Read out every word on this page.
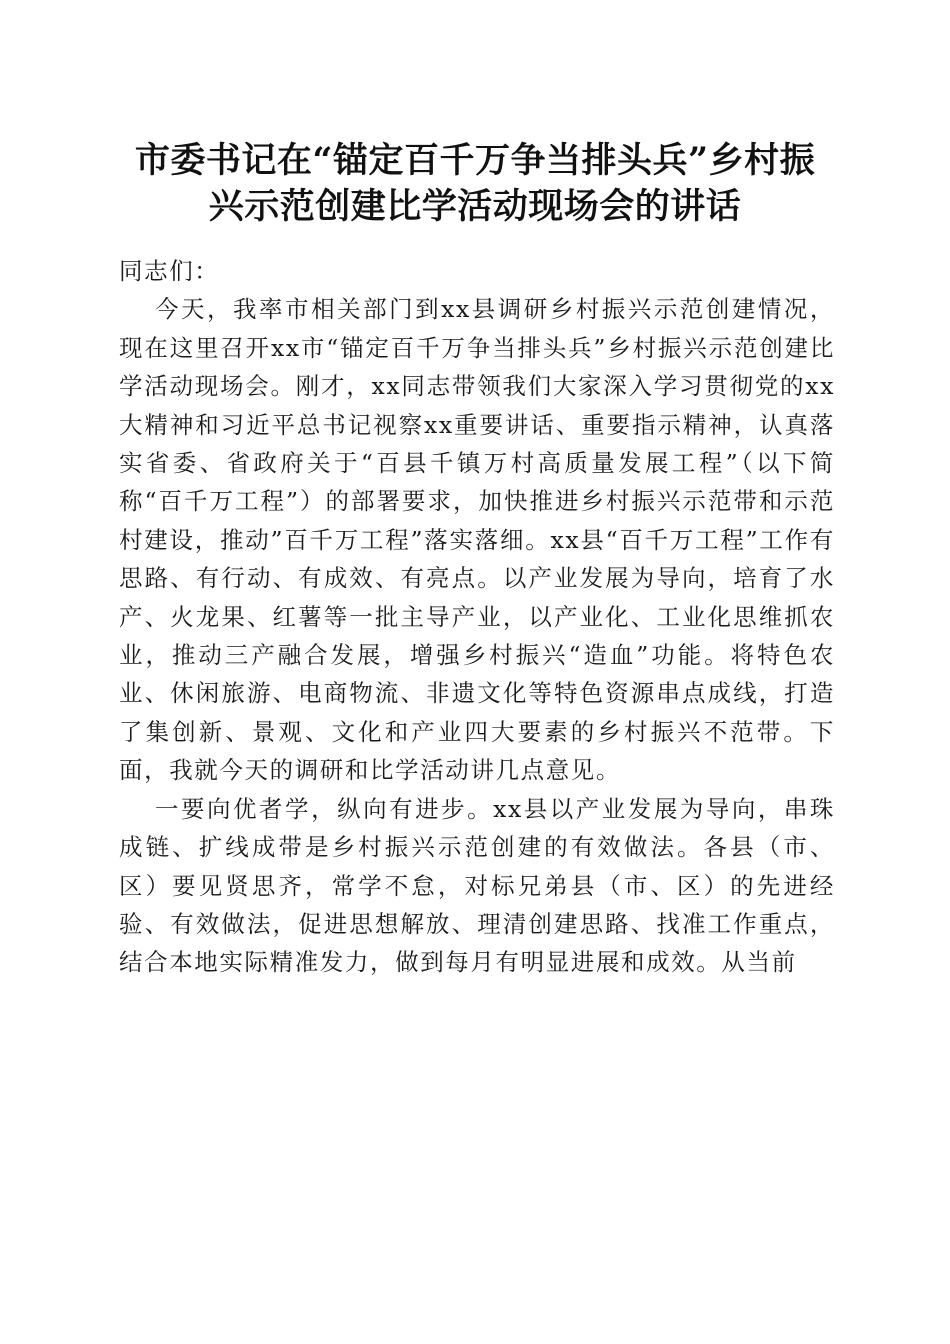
市委书记在“锚定百千万争当排头兵”乡村振
兴示范创建比学活动现场会的讲话

同志们：

今天，我率市相关部门到xx县调研乡村振兴示范创建情况，现在这里召开xx市“锚定百千万争当排头兵”乡村振兴示范创建比学活动现场会。刚才，xx同志带领我们大家深入学习贯彻党的xx大精神和习近平总书记视察xx重要讲话、重要指示精神，认真落实省委、省政府关于“百县千镇万村高质量发展工程”（以下简称“百千万工程”）的部署要求，加快推进乡村振兴示范带和示范村建设，推动”百千万工程”落实落细。xx县“百千万工程”工作有思路、有行动、有成效、有亮点。以产业发展为导向，培育了水产、火龙果、红薯等一批主导产业，以产业化、工业化思维抓农业，推动三产融合发展，增强乡村振兴“造血”功能。将特色农业、休闲旅游、电商物流、非遗文化等特色资源串点成线，打造了集创新、景观、文化和产业四大要素的乡村振兴不范带。下面，我就今天的调研和比学活动讲几点意见。

一要向优者学，纵向有进步。xx县以产业发展为导向，串珠成链、扩线成带是乡村振兴示范创建的有效做法。各县（市、区）要见贤思齐，常学不怠，对标兄弟县（市、区）的先进经验、有效做法，促进思想解放、理清创建思路、找准工作重点，结合本地实际精准发力，做到每月有明显进展和成效。从当前
